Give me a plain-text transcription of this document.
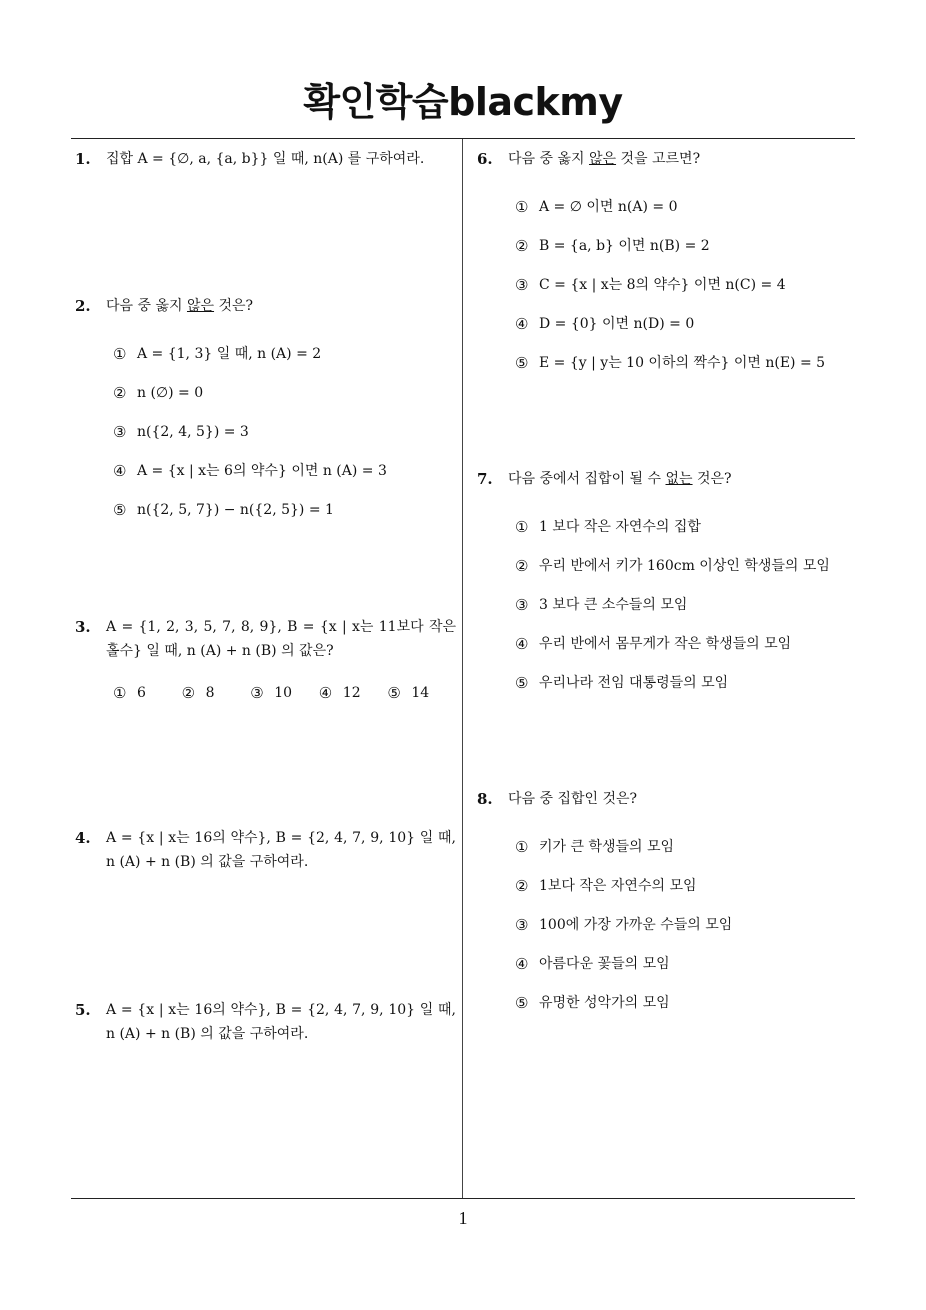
확인학습blackmy
1.	집합 A = {∅, a, {a, b}} 일 때, n(A) 를 구하여라.
2.	다음 중 옳지 않은 것은?
① A = {1, 3} 일 때, n (A) = 2
② n (∅) = 0
③ n({2, 4, 5}) = 3
④ A = {x | x는 6의 약수} 이면 n (A) = 3
⑤ n({2, 5, 7}) − n({2, 5}) = 1
3.	A = {1, 2, 3, 5, 7, 8, 9}, B = {x | x는 11보다 작은 홀수} 일 때, n (A) + n (B) 의 값은?
① 6 ② 8 ③ 10 ④ 12 ⑤ 14
4.	A = {x | x는 16의 약수}, B = {2, 4, 7, 9, 10} 일 때, n (A) + n (B) 의 값을 구하여라.
5.	A = {x | x는 16의 약수}, B = {2, 4, 7, 9, 10} 일 때, n (A) + n (B) 의 값을 구하여라.
6.	다음 중 옳지 않은 것을 고르면?
① A = ∅ 이면 n(A) = 0
② B = {a, b} 이면 n(B) = 2
③ C = {x | x는 8의 약수} 이면 n(C) = 4
④ D = {0} 이면 n(D) = 0
⑤ E = {y | y는 10 이하의 짝수} 이면 n(E) = 5
7.	다음 중에서 집합이 될 수 없는 것은?
① 1 보다 작은 자연수의 집합
② 우리 반에서 키가 160cm 이상인 학생들의 모임
③ 3 보다 큰 소수들의 모임
④ 우리 반에서 몸무게가 작은 학생들의 모임
⑤ 우리나라 전임 대통령들의 모임
8.	다음 중 집합인 것은?
① 키가 큰 학생들의 모임
② 1보다 작은 자연수의 모임
③ 100에 가장 가까운 수들의 모임
④ 아름다운 꽃들의 모임
⑤ 유명한 성악가의 모임
1
